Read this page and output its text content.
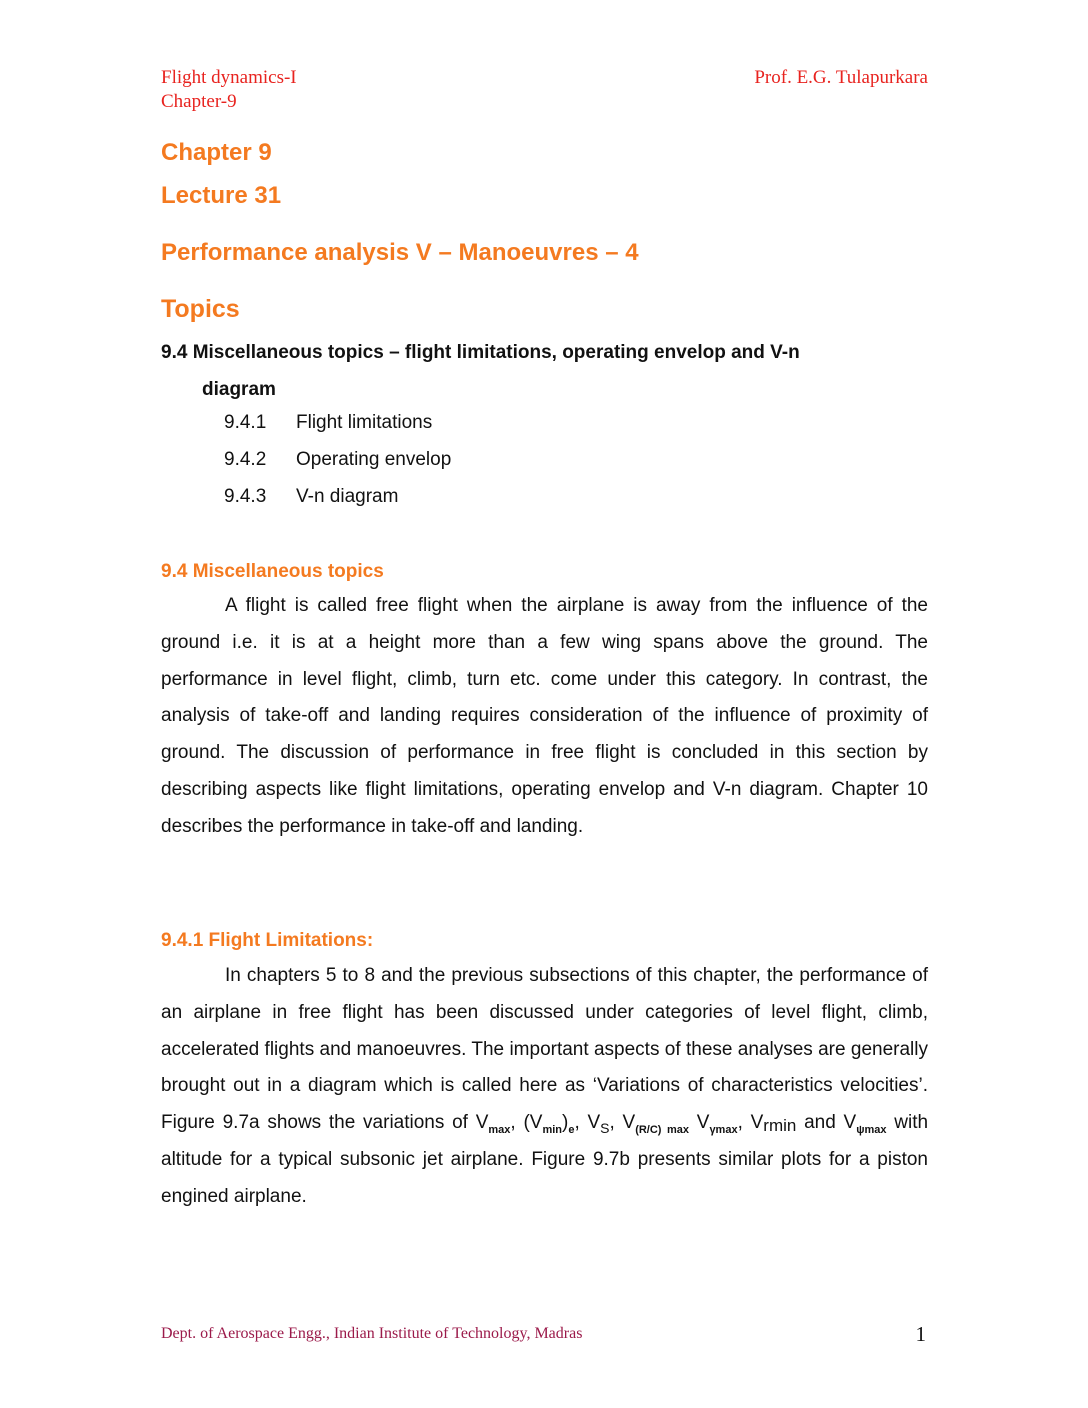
Flight dynamics-I
Chapter-9
Prof. E.G. Tulapurkara
Chapter 9
Lecture 31
Performance analysis V – Manoeuvres – 4
Topics
9.4 Miscellaneous topics – flight limitations, operating envelop and V-n
diagram
9.4.1 Flight limitations
9.4.2 Operating envelop
9.4.3 V-n diagram
9.4 Miscellaneous topics

A flight is called free flight when the airplane is away from the influence of the ground i.e. it is at a height more than a few wing spans above the ground. The performance in level flight, climb, turn etc. come under this category. In contrast, the analysis of take-off and landing requires consideration of the influence of proximity of ground. The discussion of performance in free flight is concluded in this section by describing aspects like flight limitations, operating envelop and V-n diagram. Chapter 10 describes the performance in take-off and landing.

9.4.1 Flight Limitations:

In chapters 5 to 8 and the previous subsections of this chapter, the performance of an airplane in free flight has been discussed under categories of level flight, climb, accelerated flights and manoeuvres. The important aspects of these analyses are generally brought out in a diagram which is called here as ‘Variations of characteristics velocities’. Figure 9.7a shows the variations of $V_{max}$, $(V_{min})_e$, $V_S$, $V_{(R/C) max}$ $V_{\gamma max}$, $V_{rmin}$ and $V_{\psi max}$ with altitude for a typical subsonic jet airplane. Figure 9.7b presents similar plots for a piston engined airplane.

Dept. of Aerospace Engg., Indian Institute of Technology, Madras	1
